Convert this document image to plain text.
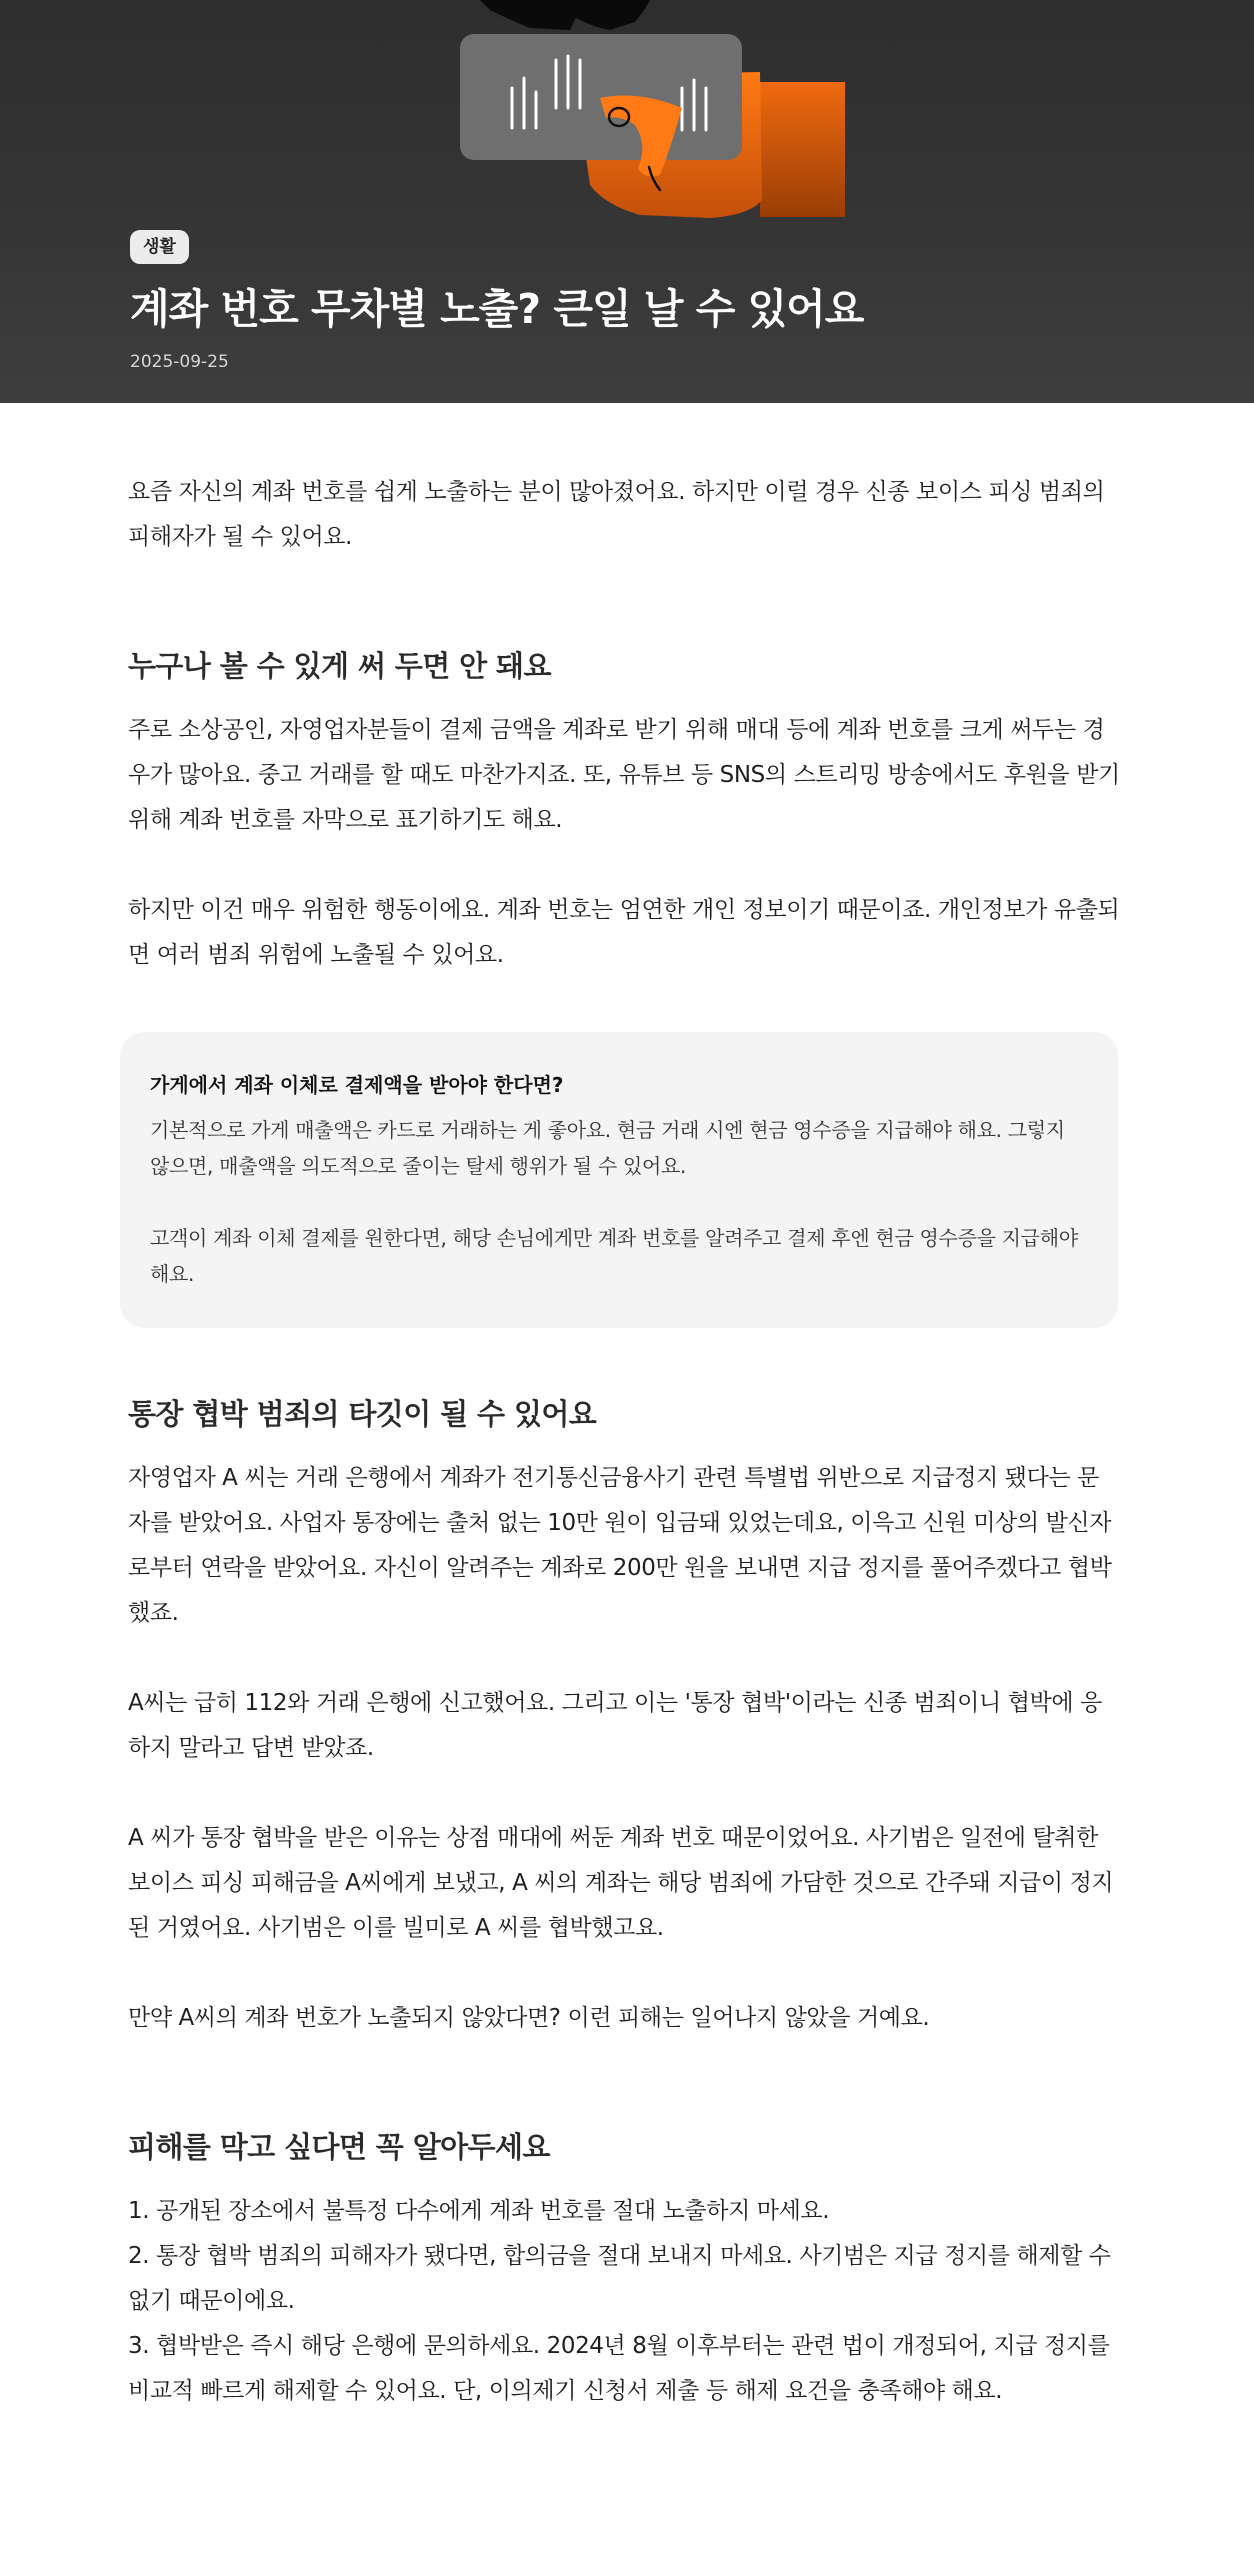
생활
계좌 번호 무차별 노출? 큰일 날 수 있어요
2025-09-25

요즘 자신의 계좌 번호를 쉽게 노출하는 분이 많아졌어요. 하지만 이럴 경우 신종 보이스 피싱 범죄의 피해자가 될 수 있어요.

누구나 볼 수 있게 써 두면 안 돼요

주로 소상공인, 자영업자분들이 결제 금액을 계좌로 받기 위해 매대 등에 계좌 번호를 크게 써두는 경우가 많아요. 중고 거래를 할 때도 마찬가지죠. 또, 유튜브 등 SNS의 스트리밍 방송에서도 후원을 받기 위해 계좌 번호를 자막으로 표기하기도 해요.

하지만 이건 매우 위험한 행동이에요. 계좌 번호는 엄연한 개인 정보이기 때문이죠. 개인정보가 유출되면 여러 범죄 위험에 노출될 수 있어요.

가게에서 계좌 이체로 결제액을 받아야 한다면?

기본적으로 가게 매출액은 카드로 거래하는 게 좋아요. 현금 거래 시엔 현금 영수증을 지급해야 해요. 그렇지 않으면, 매출액을 의도적으로 줄이는 탈세 행위가 될 수 있어요.

고객이 계좌 이체 결제를 원한다면, 해당 손님에게만 계좌 번호를 알려주고 결제 후엔 현금 영수증을 지급해야 해요.

통장 협박 범죄의 타깃이 될 수 있어요

자영업자 A 씨는 거래 은행에서 계좌가 전기통신금융사기 관련 특별법 위반으로 지급정지 됐다는 문자를 받았어요. 사업자 통장에는 출처 없는 10만 원이 입금돼 있었는데요, 이윽고 신원 미상의 발신자로부터 연락을 받았어요. 자신이 알려주는 계좌로 200만 원을 보내면 지급 정지를 풀어주겠다고 협박했죠.

A씨는 급히 112와 거래 은행에 신고했어요. 그리고 이는 '통장 협박'이라는 신종 범죄이니 협박에 응하지 말라고 답변 받았죠.

A 씨가 통장 협박을 받은 이유는 상점 매대에 써둔 계좌 번호 때문이었어요. 사기범은 일전에 탈취한 보이스 피싱 피해금을 A씨에게 보냈고, A 씨의 계좌는 해당 범죄에 가담한 것으로 간주돼 지급이 정지된 거였어요. 사기범은 이를 빌미로 A 씨를 협박했고요.

만약 A씨의 계좌 번호가 노출되지 않았다면? 이런 피해는 일어나지 않았을 거예요.

피해를 막고 싶다면 꼭 알아두세요
1. 공개된 장소에서 불특정 다수에게 계좌 번호를 절대 노출하지 마세요.
2. 통장 협박 범죄의 피해자가 됐다면, 합의금을 절대 보내지 마세요. 사기범은 지급 정지를 해제할 수 없기 때문이에요.
3. 협박받은 즉시 해당 은행에 문의하세요. 2024년 8월 이후부터는 관련 법이 개정되어, 지급 정지를 비교적 빠르게 해제할 수 있어요. 단, 이의제기 신청서 제출 등 해제 요건을 충족해야 해요.
